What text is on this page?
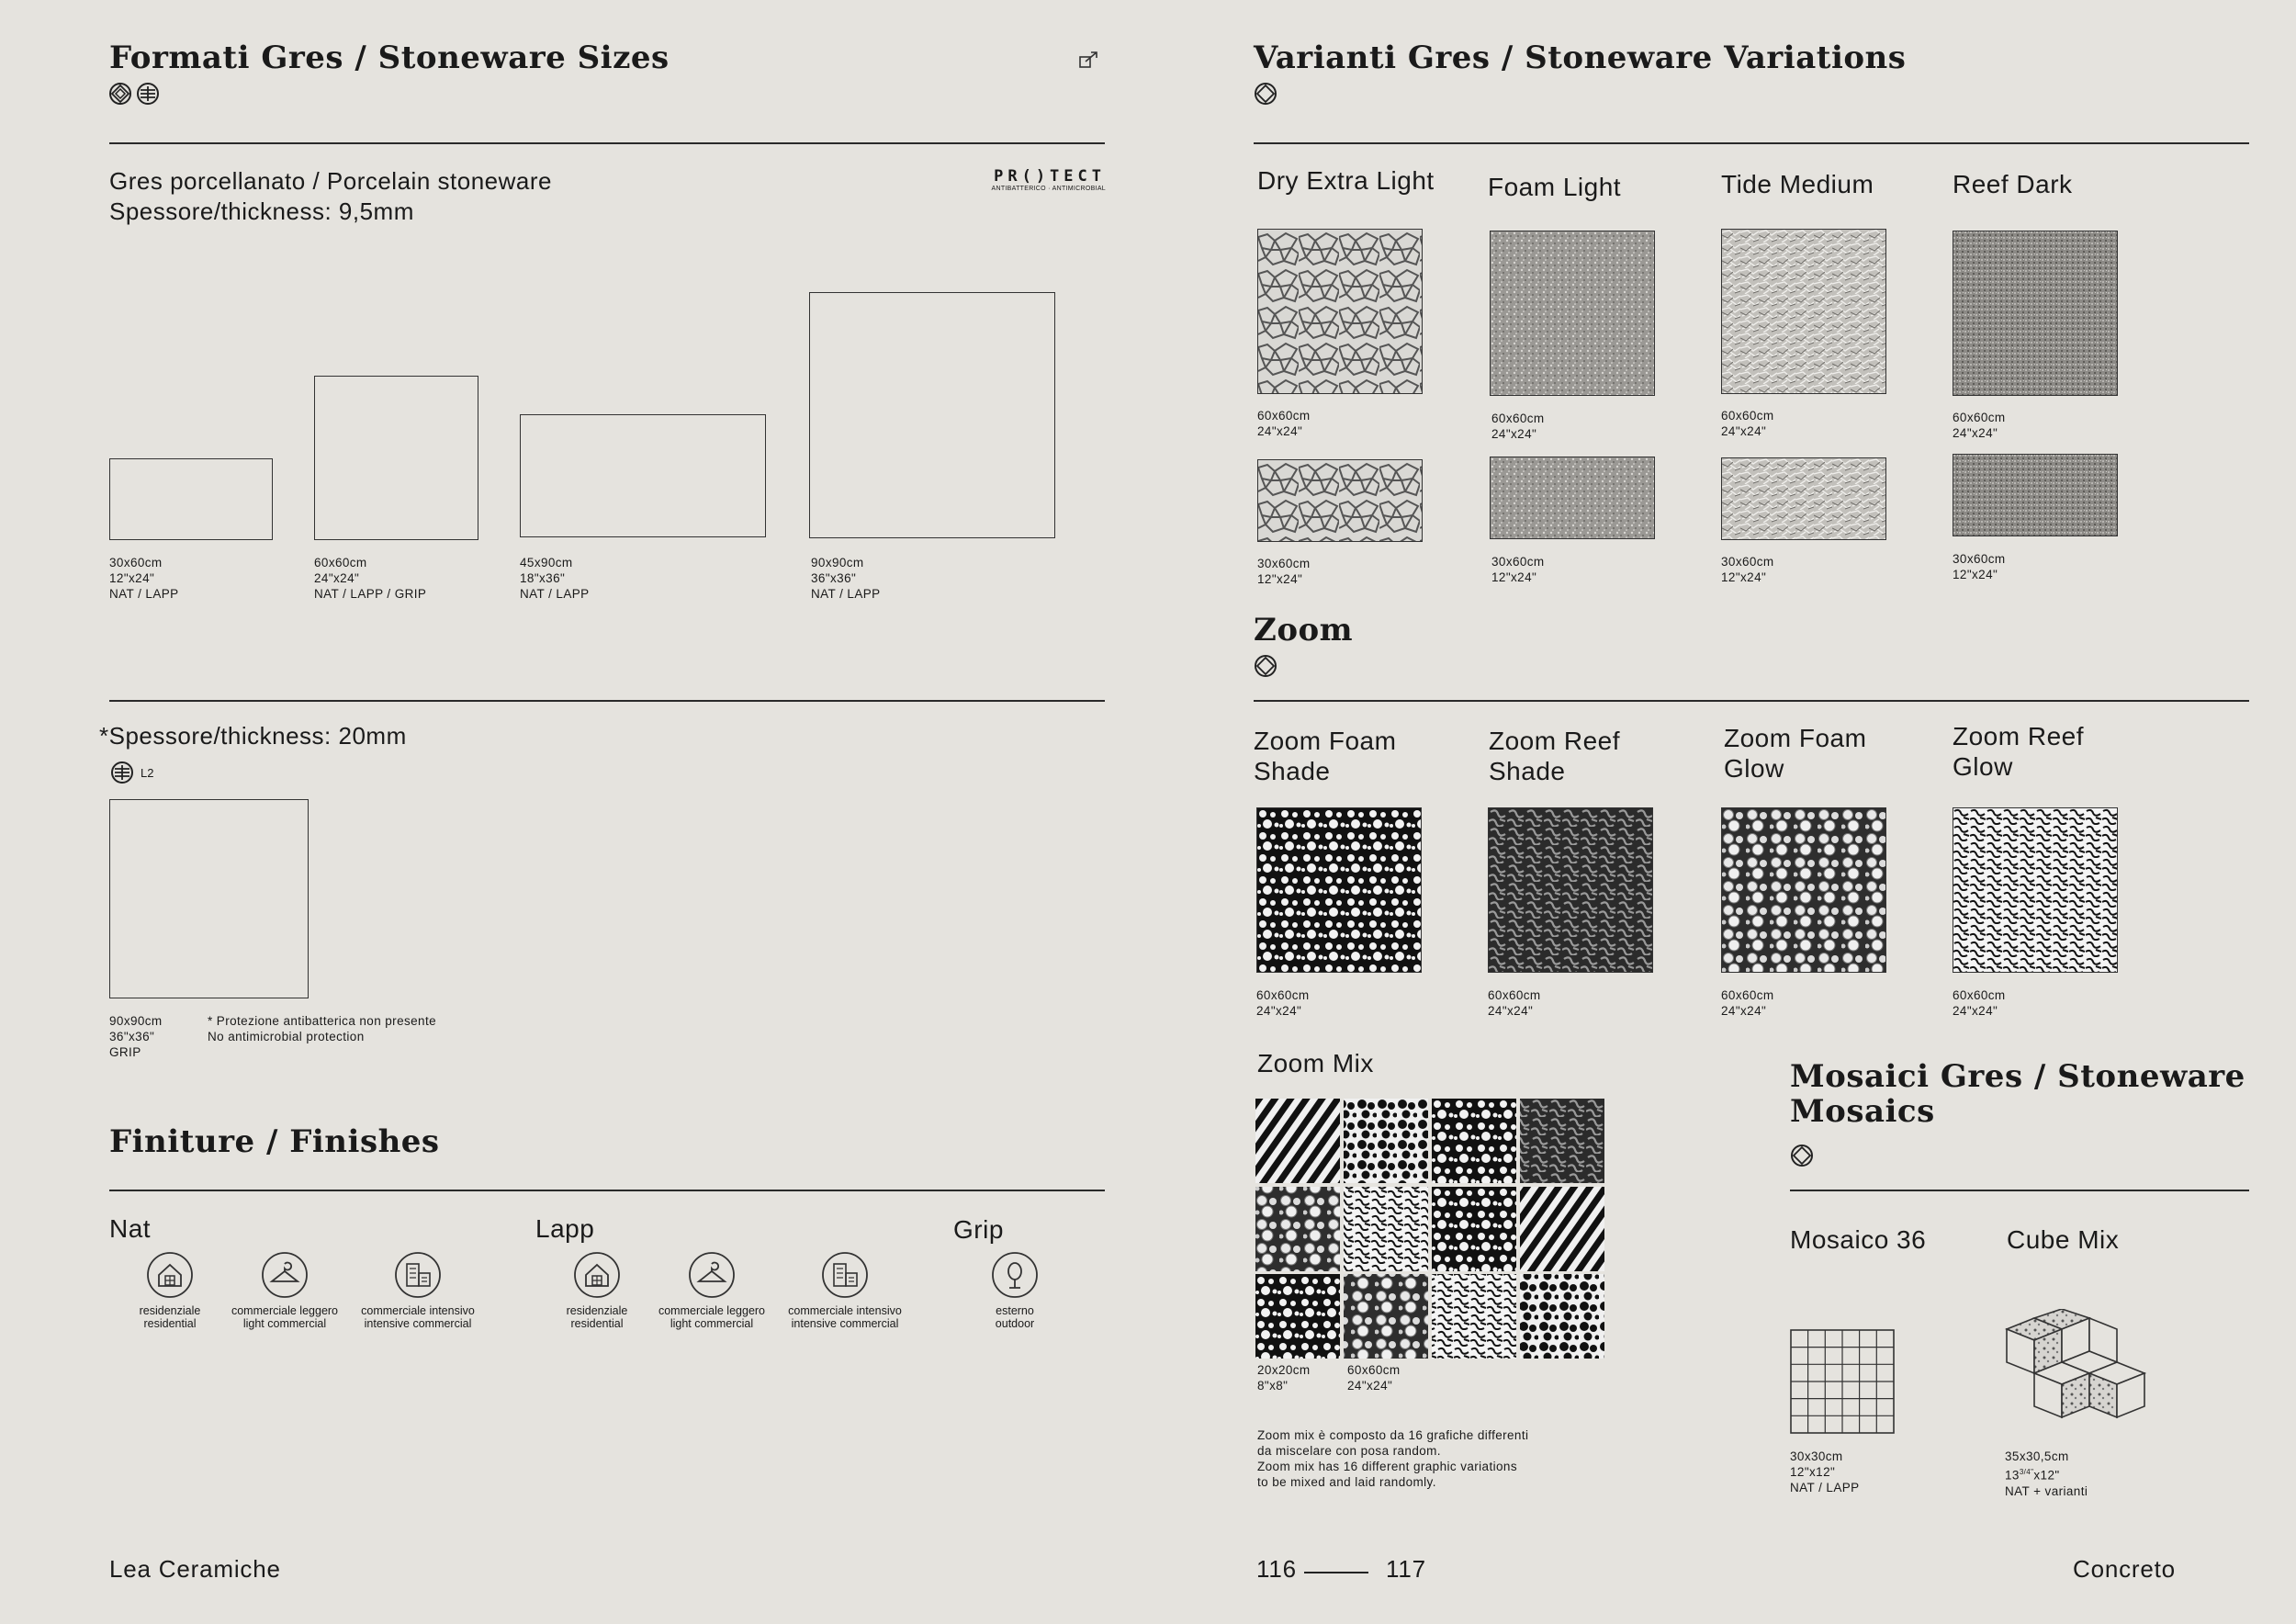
Formati Gres / Stoneware Sizes
Gres porcellanato / Porcelain stoneware
Spessore/thickness: 9,5mm
PR()TECT
ANTIBATTERICO · ANTIMICROBIAL
30x60cm
12"x24"
NAT / LAPP
60x60cm
24"x24"
NAT / LAPP / GRIP
45x90cm
18"x36"
NAT / LAPP
90x90cm
36"x36"
NAT / LAPP
*Spessore/thickness: 20mm
L2
90x90cm
36"x36"
GRIP
* Protezione antibatterica non presente
No antimicrobial protection
Finiture / Finishes
Nat	Lapp	Grip
residenziale
residential
commerciale leggero
light commercial
commerciale intensivo
intensive commercial
residenziale
residential
commerciale leggero
light commercial
commerciale intensivo
intensive commercial
esterno
outdoor
Lea Ceramiche
Varianti Gres / Stoneware Variations
Dry Extra Light Foam Light	Tide Medium	Reef Dark
60x60cm
24"x24"
60x60cm
24"x24"
60x60cm
24"x24"
60x60cm
24"x24"
30x60cm
12"x24"
30x60cm
12"x24"
30x60cm
12"x24"
30x60cm
12"x24"
Zoom
Zoom Foam
Shade
Zoom Reef
Shade
Zoom Foam
Glow
Zoom Reef
Glow
60x60cm
24"x24"
60x60cm
24"x24"
60x60cm
24"x24"
60x60cm
24"x24"
Zoom Mix
20x20cm
8"x8"
60x60cm
24"x24"
Zoom mix è composto da 16 grafiche differenti
da miscelare con posa random.
Zoom mix has 16 different graphic variations
to be mixed and laid randomly.
Mosaici Gres / Stoneware
Mosaics
Mosaico 36	Cube Mix
30x30cm
12"x12"
NAT / LAPP
35x30,5cm
$13^{3/4"}x12$"
NAT + varianti
116	117	Concreto
